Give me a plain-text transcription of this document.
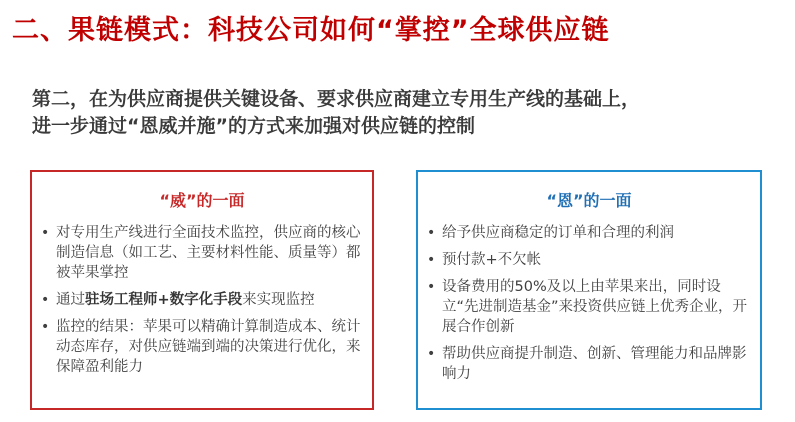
二、果链模式：科技公司如何“掌控”全球供应链
第二，在为供应商提供关键设备、要求供应商建立专用生产线的基础上，
进一步通过“恩威并施”的方式来加强对供应链的控制
“威”的一面
• 对专用生产线进行全面技术监控，供应商的核心制造信息（如工艺、主要材料性能、质量等）都被苹果掌控
• 通过驻场工程师+数字化手段来实现监控
• 监控的结果：苹果可以精确计算制造成本、统计动态库存，对供应链端到端的决策进行优化，来保障盈利能力
“恩”的一面
• 给予供应商稳定的订单和合理的利润
• 预付款+不欠帐
• 设备费用的50%及以上由苹果来出，同时设立“先进制造基金”来投资供应链上优秀企业，开展合作创新
• 帮助供应商提升制造、创新、管理能力和品牌影响力
